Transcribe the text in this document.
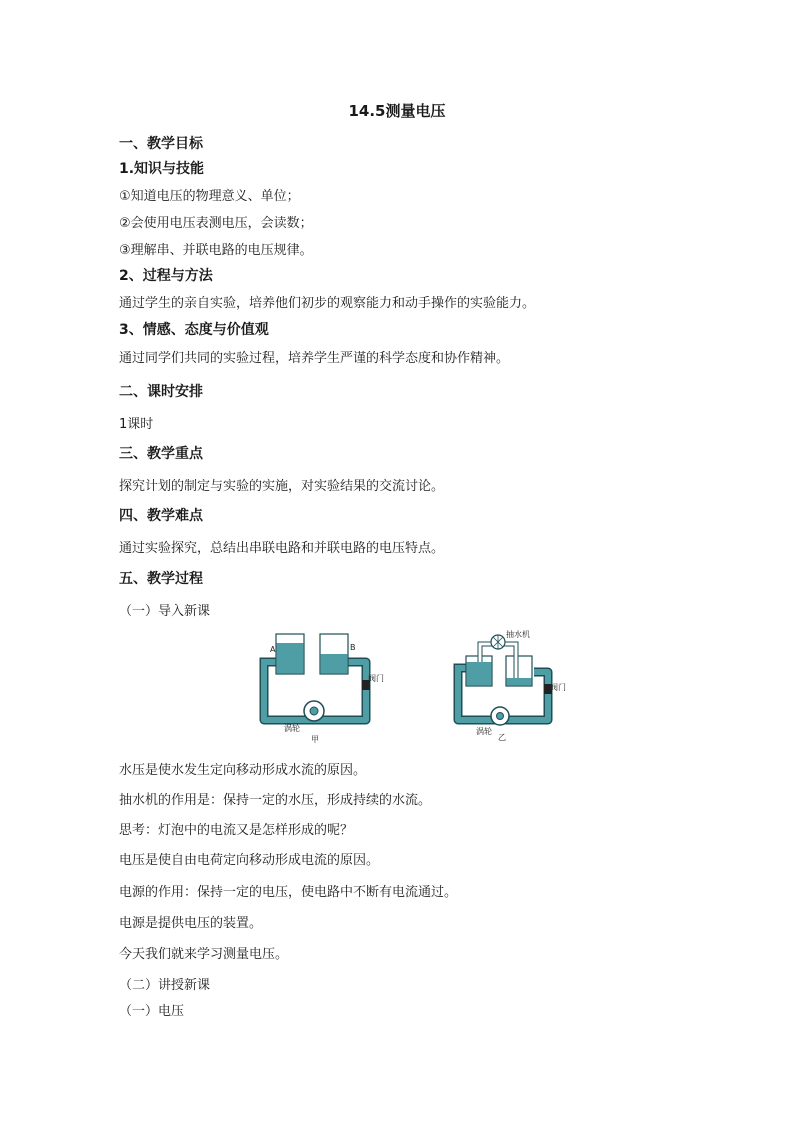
14.5测量电压
一、教学目标
1.知识与技能
①知道电压的物理意义、单位；
②会使用电压表测电压，会读数；
③理解串、并联电路的电压规律。
2、过程与方法
通过学生的亲自实验，培养他们初步的观察能力和动手操作的实验能力。
3、情感、态度与价值观
通过同学们共同的实验过程，培养学生严谨的科学态度和协作精神。
二、课时安排
1课时
三、教学重点
探究计划的制定与实验的实施，对实验结果的交流讨论。
四、教学难点
通过实验探究，总结出串联电路和并联电路的电压特点。
五、教学过程
（一）导入新课
A	B
阀门
涡轮
甲
抽水机
阀门
涡轮
乙
水压是使水发生定向移动形成水流的原因。
抽水机的作用是：保持一定的水压，形成持续的水流。
思考：灯泡中的电流又是怎样形成的呢？
电压是使自由电荷定向移动形成电流的原因。
电源的作用：保持一定的电压，使电路中不断有电流通过。
电源是提供电压的装置。
今天我们就来学习测量电压。
（二）讲授新课
（一）电压
